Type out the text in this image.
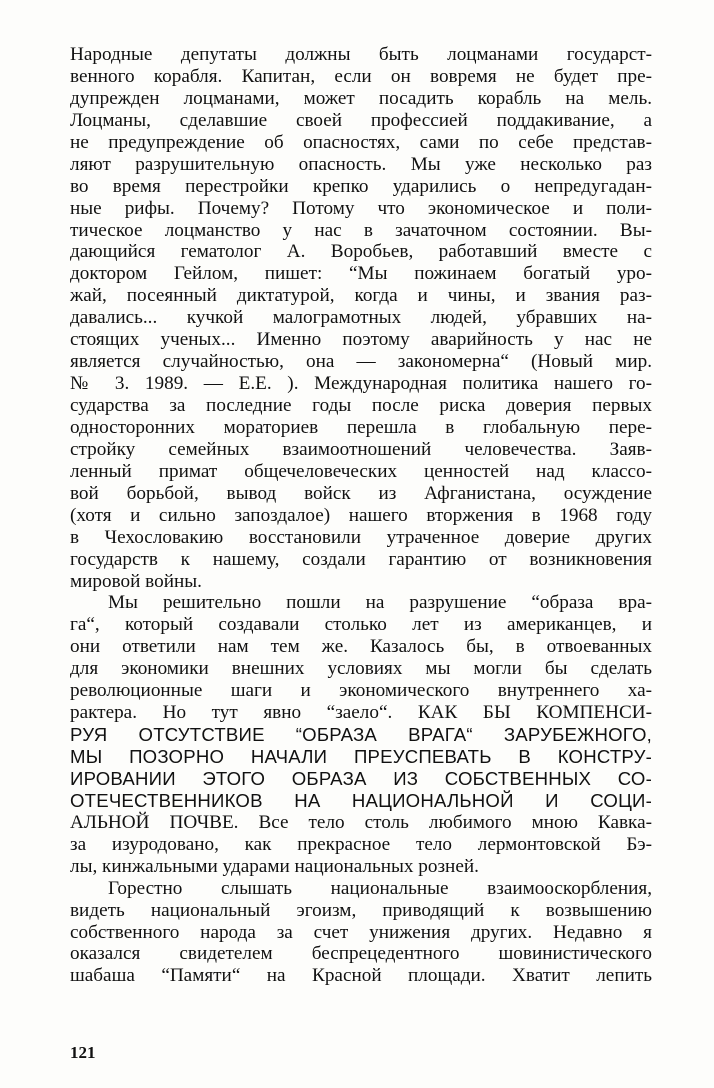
Народные депутаты должны быть лоцманами государст-
венного корабля. Капитан, если он вовремя не будет пре-
дупрежден лоцманами, может посадить корабль на мель.
Лоцманы, сделавшие своей профессией поддакивание, а
не предупреждение об опасностях, сами по себе представ-
ляют разрушительную опасность. Мы уже несколько раз
во время перестройки крепко ударились о непредугадан-
ные рифы. Почему? Потому что экономическое и поли-
тическое лоцманство у нас в зачаточном состоянии. Вы-
дающийся гематолог А. Воробьев, работавший вместе с
доктором Гейлом, пишет: “Мы пожинаем богатый уро-
жай, посеянный диктатурой, когда и чины, и звания раз-
давались... кучкой малограмотных людей, убравших на-
стоящих ученых... Именно поэтому аварийность у нас не
является случайностью, она — закономерна“ (Новый мир.
№ 3. 1989. — Е.Е. ). Международная политика нашего го-
сударства за последние годы после риска доверия первых
односторонних мораториев перешла в глобальную пере-
стройку семейных взаимоотношений человечества. Заяв-
ленный примат общечеловеческих ценностей над классо-
вой борьбой, вывод войск из Афганистана, осуждение
(хотя и сильно запоздалое) нашего вторжения в 1968 году
в Чехословакию восстановили утраченное доверие других
государств к нашему, создали гарантию от возникновения
мировой войны.
Мы решительно пошли на разрушение “образа вра-
га“, который создавали столько лет из американцев, и
они ответили нам тем же. Казалось бы, в отвоеванных
для экономики внешних условиях мы могли бы сделать
революционные шаги и экономического внутреннего ха-
рактера. Но тут явно “заело“. КАК БЫ КОМПЕНСИ-
РУЯ ОТСУТСТВИЕ “ОБРАЗА ВРАГА“ ЗАРУБЕЖНОГО,
МЫ ПОЗОРНО НАЧАЛИ ПРЕУСПЕВАТЬ В КОНСТРУ-
ИРОВАНИИ ЭТОГО ОБРАЗА ИЗ СОБСТВЕННЫХ СО-
ОТЕЧЕСТВЕННИКОВ НА НАЦИОНАЛЬНОЙ И СОЦИ-
АЛЬНОЙ ПОЧВЕ. Все тело столь любимого мною Кавка-
за изуродовано, как прекрасное тело лермонтовской Бэ-
лы, кинжальными ударами национальных розней.
Горестно слышать национальные взаимооскорбления,
видеть национальный эгоизм, приводящий к возвышению
собственного народа за счет унижения других. Недавно я
оказался свидетелем беспрецедентного шовинистического
шабаша “Памяти“ на Красной площади. Хватит лепить
121
